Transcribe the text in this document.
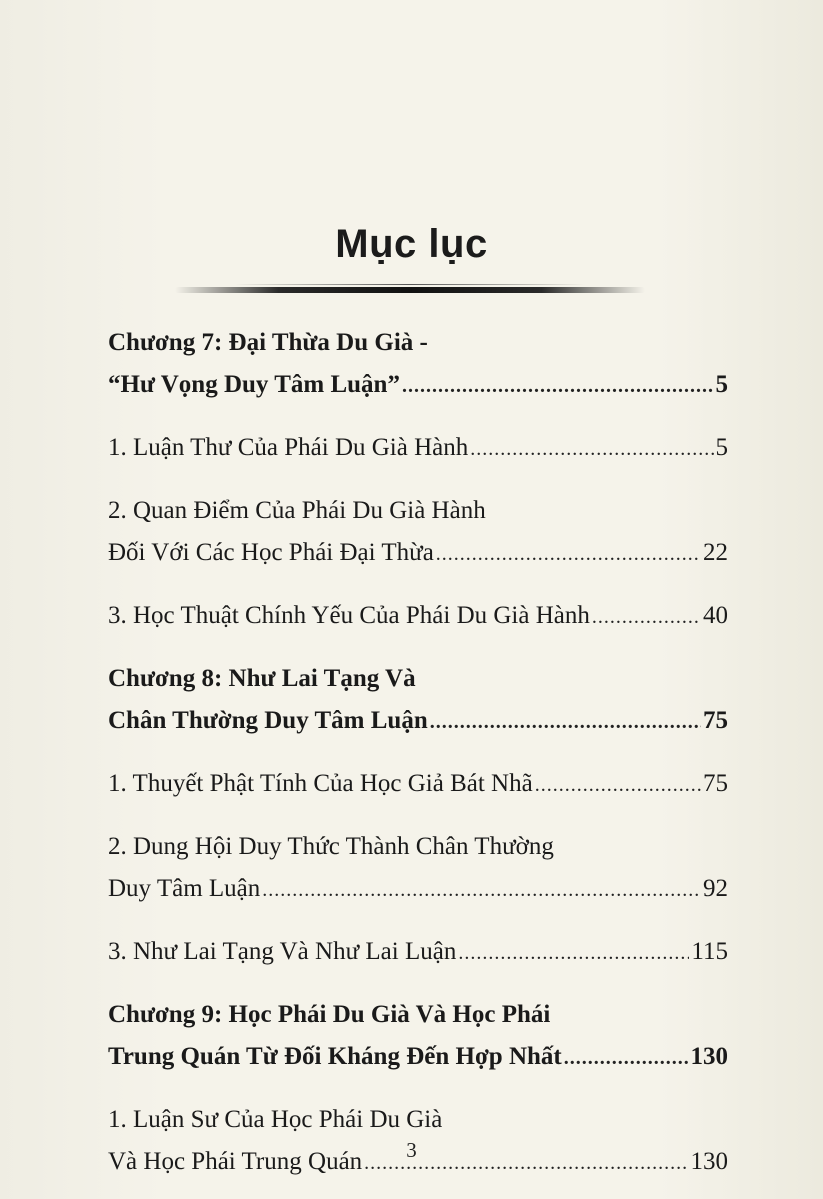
Mục lục
Chương 7: Đại Thừa Du Già -
“Hư Vọng Duy Tâm Luận” .....	5
1. Luận Thư Của Phái Du Già Hành .....	5
2. Quan Điểm Của Phái Du Già Hành
Đối Với Các Học Phái Đại Thừa .....	22
3. Học Thuật Chính Yếu Của Phái Du Già Hành .....	40
Chương 8: Như Lai Tạng Và
Chân Thường Duy Tâm Luận .....	75
1. Thuyết Phật Tính Của Học Giả Bát Nhã .....	75
2. Dung Hội Duy Thức Thành Chân Thường
Duy Tâm Luận .....	92
3. Như Lai Tạng Và Như Lai Luận .....	115
Chương 9: Học Phái Du Già Và Học Phái
Trung Quán Từ Đối Kháng Đến Hợp Nhất .....	130
1. Luận Sư Của Học Phái Du Già
Và Học Phái Trung Quán .....	130
3
